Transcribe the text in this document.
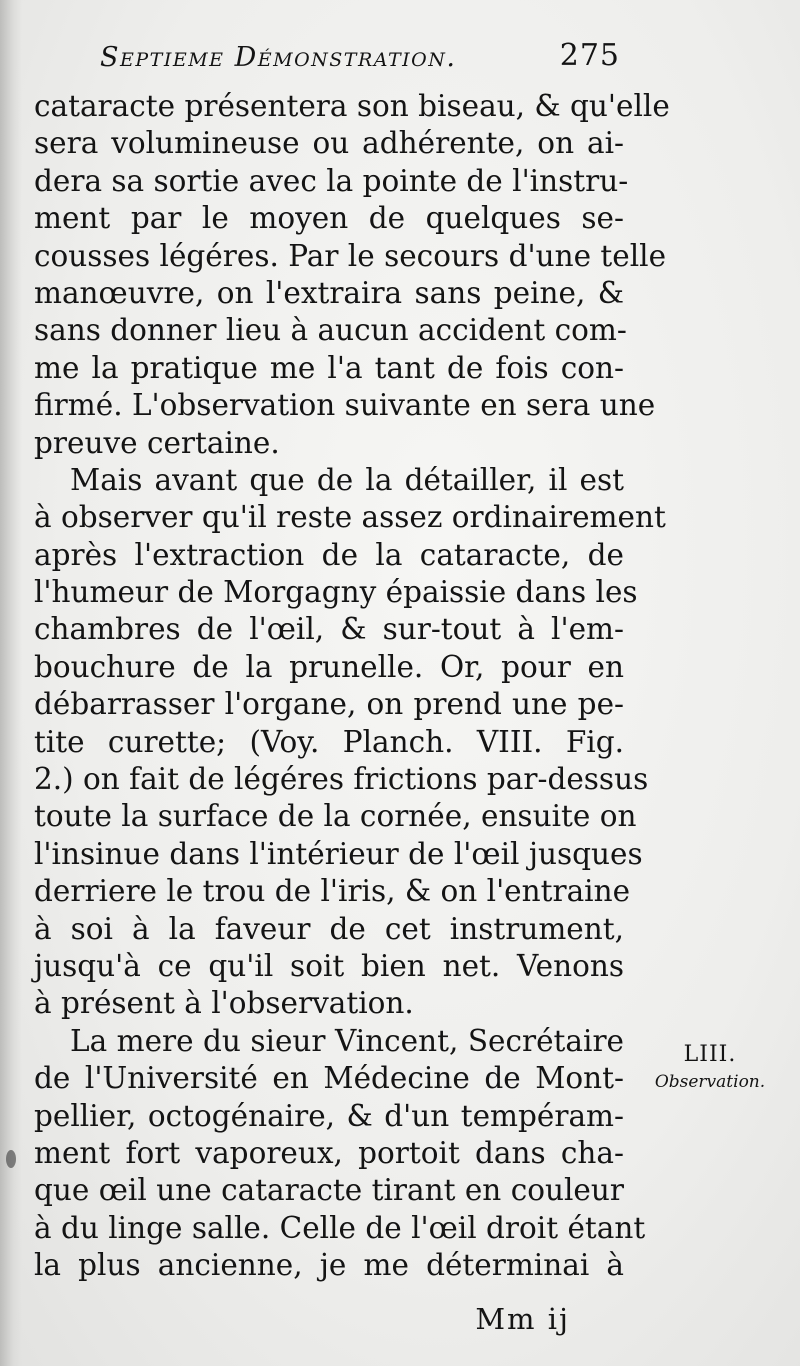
Septieme Démonstration.	275
cataracte présentera son biseau, & qu'elle
sera volumineuse ou adhérente, on ai-
dera sa sortie avec la pointe de l'instru-
ment par le moyen de quelques se-
cousses légéres. Par le secours d'une telle
manœuvre, on l'extraira sans peine, &
sans donner lieu à aucun accident com-
me la pratique me l'a tant de fois con-
firmé. L'observation suivante en sera une
preuve certaine.
Mais avant que de la détailler, il est
à observer qu'il reste assez ordinairement
après l'extraction de la cataracte, de
l'humeur de Morgagny épaissie dans les
chambres de l'œil, & sur-tout à l'em-
bouchure de la prunelle. Or, pour en
débarrasser l'organe, on prend une pe-
tite curette; (Voy. Planch. VIII. Fig.
2.) on fait de légéres frictions par-dessus
toute la surface de la cornée, ensuite on
l'insinue dans l'intérieur de l'œil jusques
derriere le trou de l'iris, & on l'entraine
à soi à la faveur de cet instrument,
jusqu'à ce qu'il soit bien net. Venons
à présent à l'observation.
La mere du sieur Vincent, Secrétaire
de l'Université en Médecine de Mont-
pellier, octogénaire, & d'un tempéram-
ment fort vaporeux, portoit dans cha-
que œil une cataracte tirant en couleur
à du linge salle. Celle de l'œil droit étant
la plus ancienne, je me déterminai à
LIII.
Observation.
Mm ij
